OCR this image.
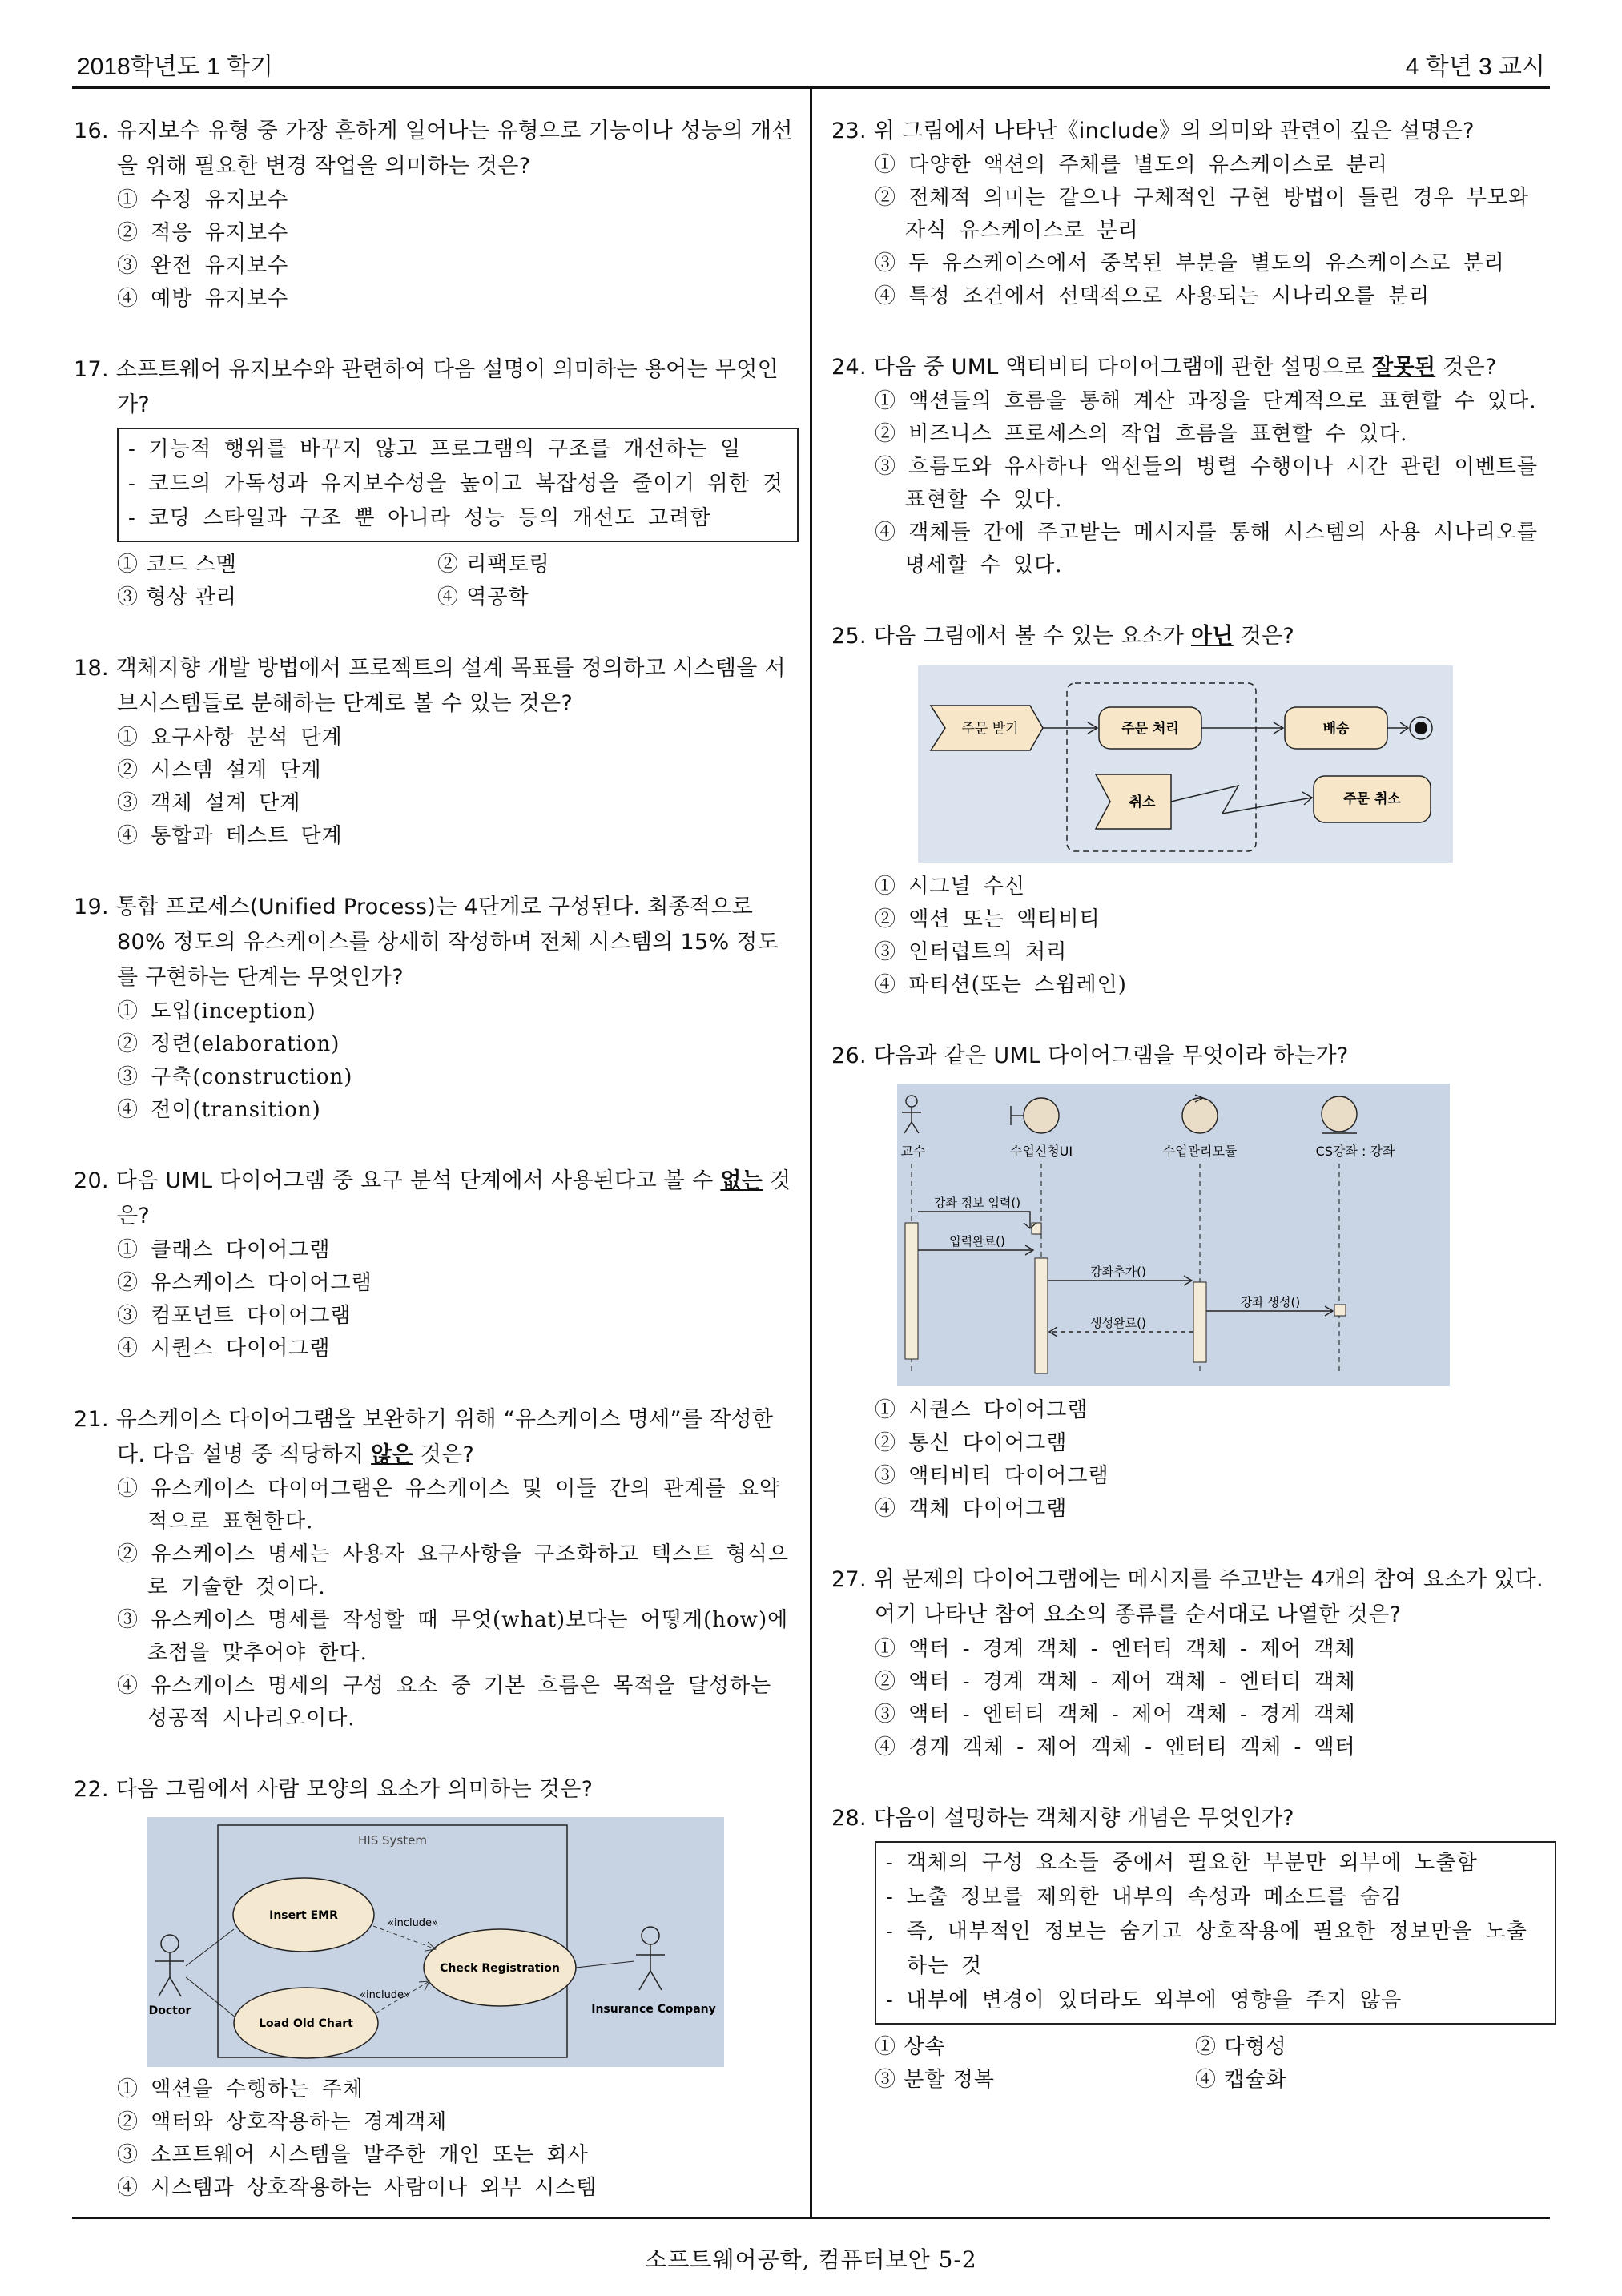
2018학년도 1 학기	4 학년 3 교시
16. 유지보수 유형 중 가장 흔하게 일어나는 유형으로 기능이나 성능의 개선을 위해 필요한 변경 작업을 의미하는 것은?
① 수정 유지보수
② 적응 유지보수
③ 완전 유지보수
④ 예방 유지보수
17. 소프트웨어 유지보수와 관련하여 다음 설명이 의미하는 용어는 무엇인가?
- 기능적 행위를 바꾸지 않고 프로그램의 구조를 개선하는 일
- 코드의 가독성과 유지보수성을 높이고 복잡성을 줄이기 위한 것
- 코딩 스타일과 구조 뿐 아니라 성능 등의 개선도 고려함
① 코드 스멜	② 리팩토링
③ 형상 관리	④ 역공학
18. 객체지향 개발 방법에서 프로젝트의 설계 목표를 정의하고 시스템을 서브시스템들로 분해하는 단계로 볼 수 있는 것은?
① 요구사항 분석 단계
② 시스템 설계 단계
③ 객체 설계 단계
④ 통합과 테스트 단계
19. 통합 프로세스(Unified Process)는 4단계로 구성된다. 최종적으로 80% 정도의 유스케이스를 상세히 작성하며 전체 시스템의 15% 정도를 구현하는 단계는 무엇인가?
① 도입(inception)
② 정련(elaboration)
③ 구축(construction)
④ 전이(transition)
20. 다음 UML 다이어그램 중 요구 분석 단계에서 사용된다고 볼 수 없는 것은?
① 클래스 다이어그램
② 유스케이스 다이어그램
③ 컴포넌트 다이어그램
④ 시퀀스 다이어그램
21. 유스케이스 다이어그램을 보완하기 위해 “유스케이스 명세”를 작성한다. 다음 설명 중 적당하지 않은 것은?
① 유스케이스 다이어그램은 유스케이스 및 이들 간의 관계를 요약적으로 표현한다.
② 유스케이스 명세는 사용자 요구사항을 구조화하고 텍스트 형식으로 기술한 것이다.
③ 유스케이스 명세를 작성할 때 무엇(what)보다는 어떻게(how)에 초점을 맞추어야 한다.
④ 유스케이스 명세의 구성 요소 중 기본 흐름은 목적을 달성하는 성공적 시나리오이다.
22. 다음 그림에서 사람 모양의 요소가 의미하는 것은?
HIS System
Insert EMR
Check Registration
Load Old Chart
«include»
«include»
Doctor	Insurance Company
① 액션을 수행하는 주체
② 액터와 상호작용하는 경계객체
③ 소프트웨어 시스템을 발주한 개인 또는 회사
④ 시스템과 상호작용하는 사람이나 외부 시스템
23. 위 그림에서 나타난《include》의 의미와 관련이 깊은 설명은?
① 다양한 액션의 주체를 별도의 유스케이스로 분리
② 전체적 의미는 같으나 구체적인 구현 방법이 틀린 경우 부모와 자식 유스케이스로 분리
③ 두 유스케이스에서 중복된 부분을 별도의 유스케이스로 분리
④ 특정 조건에서 선택적으로 사용되는 시나리오를 분리
24. 다음 중 UML 액티비티 다이어그램에 관한 설명으로 잘못된 것은?
① 액션들의 흐름을 통해 계산 과정을 단계적으로 표현할 수 있다.
② 비즈니스 프로세스의 작업 흐름을 표현할 수 있다.
③ 흐름도와 유사하나 액션들의 병렬 수행이나 시간 관련 이벤트를 표현할 수 있다.
④ 객체들 간에 주고받는 메시지를 통해 시스템의 사용 시나리오를 명세할 수 있다.
25. 다음 그림에서 볼 수 있는 요소가 아닌 것은?
주문 받기	주문 처리	배송
취소	주문 취소
① 시그널 수신
② 액션 또는 액티비티
③ 인터럽트의 처리
④ 파티션(또는 스윔레인)
26. 다음과 같은 UML 다이어그램을 무엇이라 하는가?
교수	수업신청UI	수업관리모듈	CS강좌 : 강좌
강좌 정보 입력()
입력완료()
강좌추가()
강좌 생성()
생성완료()
① 시퀀스 다이어그램
② 통신 다이어그램
③ 액티비티 다이어그램
④ 객체 다이어그램
27. 위 문제의 다이어그램에는 메시지를 주고받는 4개의 참여 요소가 있다. 여기 나타난 참여 요소의 종류를 순서대로 나열한 것은?
① 액터 - 경계 객체 - 엔터티 객체 - 제어 객체
② 액터 - 경계 객체 - 제어 객체 - 엔터티 객체
③ 액터 - 엔터티 객체 - 제어 객체 - 경계 객체
④ 경계 객체 - 제어 객체 - 엔터티 객체 - 액터
28. 다음이 설명하는 객체지향 개념은 무엇인가?
- 객체의 구성 요소들 중에서 필요한 부분만 외부에 노출함
- 노출 정보를 제외한 내부의 속성과 메소드를 숨김
- 즉, 내부적인 정보는 숨기고 상호작용에 필요한 정보만을 노출하는 것
- 내부에 변경이 있더라도 외부에 영향을 주지 않음
① 상속	② 다형성
③ 분할 정복	④ 캡슐화
소프트웨어공학, 컴퓨터보안 5-2
